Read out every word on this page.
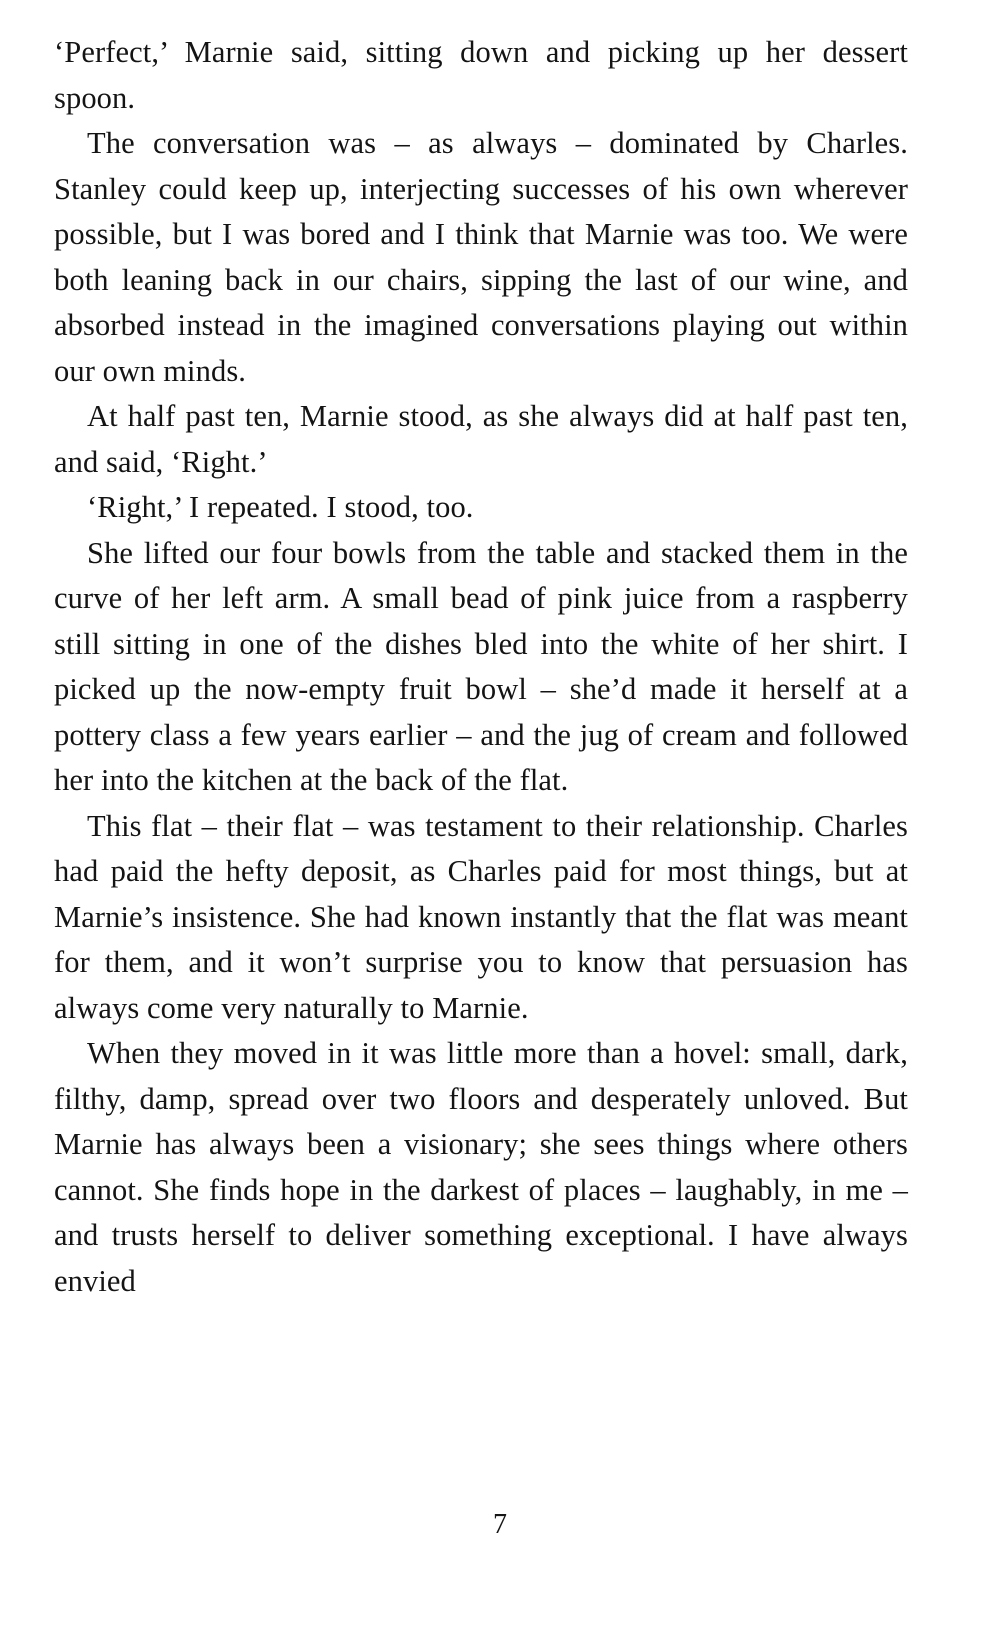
‘Perfect,’ Marnie said, sitting down and picking up her dessert spoon.

The conversation was – as always – dominated by Charles. Stanley could keep up, interjecting successes of his own wherever possible, but I was bored and I think that Marnie was too. We were both leaning back in our chairs, sipping the last of our wine, and absorbed instead in the imagined conversations playing out within our own minds.

At half past ten, Marnie stood, as she always did at half past ten, and said, ‘Right.’

‘Right,’ I repeated. I stood, too.

She lifted our four bowls from the table and stacked them in the curve of her left arm. A small bead of pink juice from a raspberry still sitting in one of the dishes bled into the white of her shirt. I picked up the now-empty fruit bowl – she’d made it herself at a pottery class a few years earlier – and the jug of cream and followed her into the kitchen at the back of the flat.

This flat – their flat – was testament to their relationship. Charles had paid the hefty deposit, as Charles paid for most things, but at Marnie’s insistence. She had known instantly that the flat was meant for them, and it won’t surprise you to know that persuasion has always come very naturally to Marnie.

When they moved in it was little more than a hovel: small, dark, filthy, damp, spread over two floors and desperately unloved. But Marnie has always been a visionary; she sees things where others cannot. She finds hope in the darkest of places – laughably, in me – and trusts herself to deliver something exceptional. I have always envied

7
